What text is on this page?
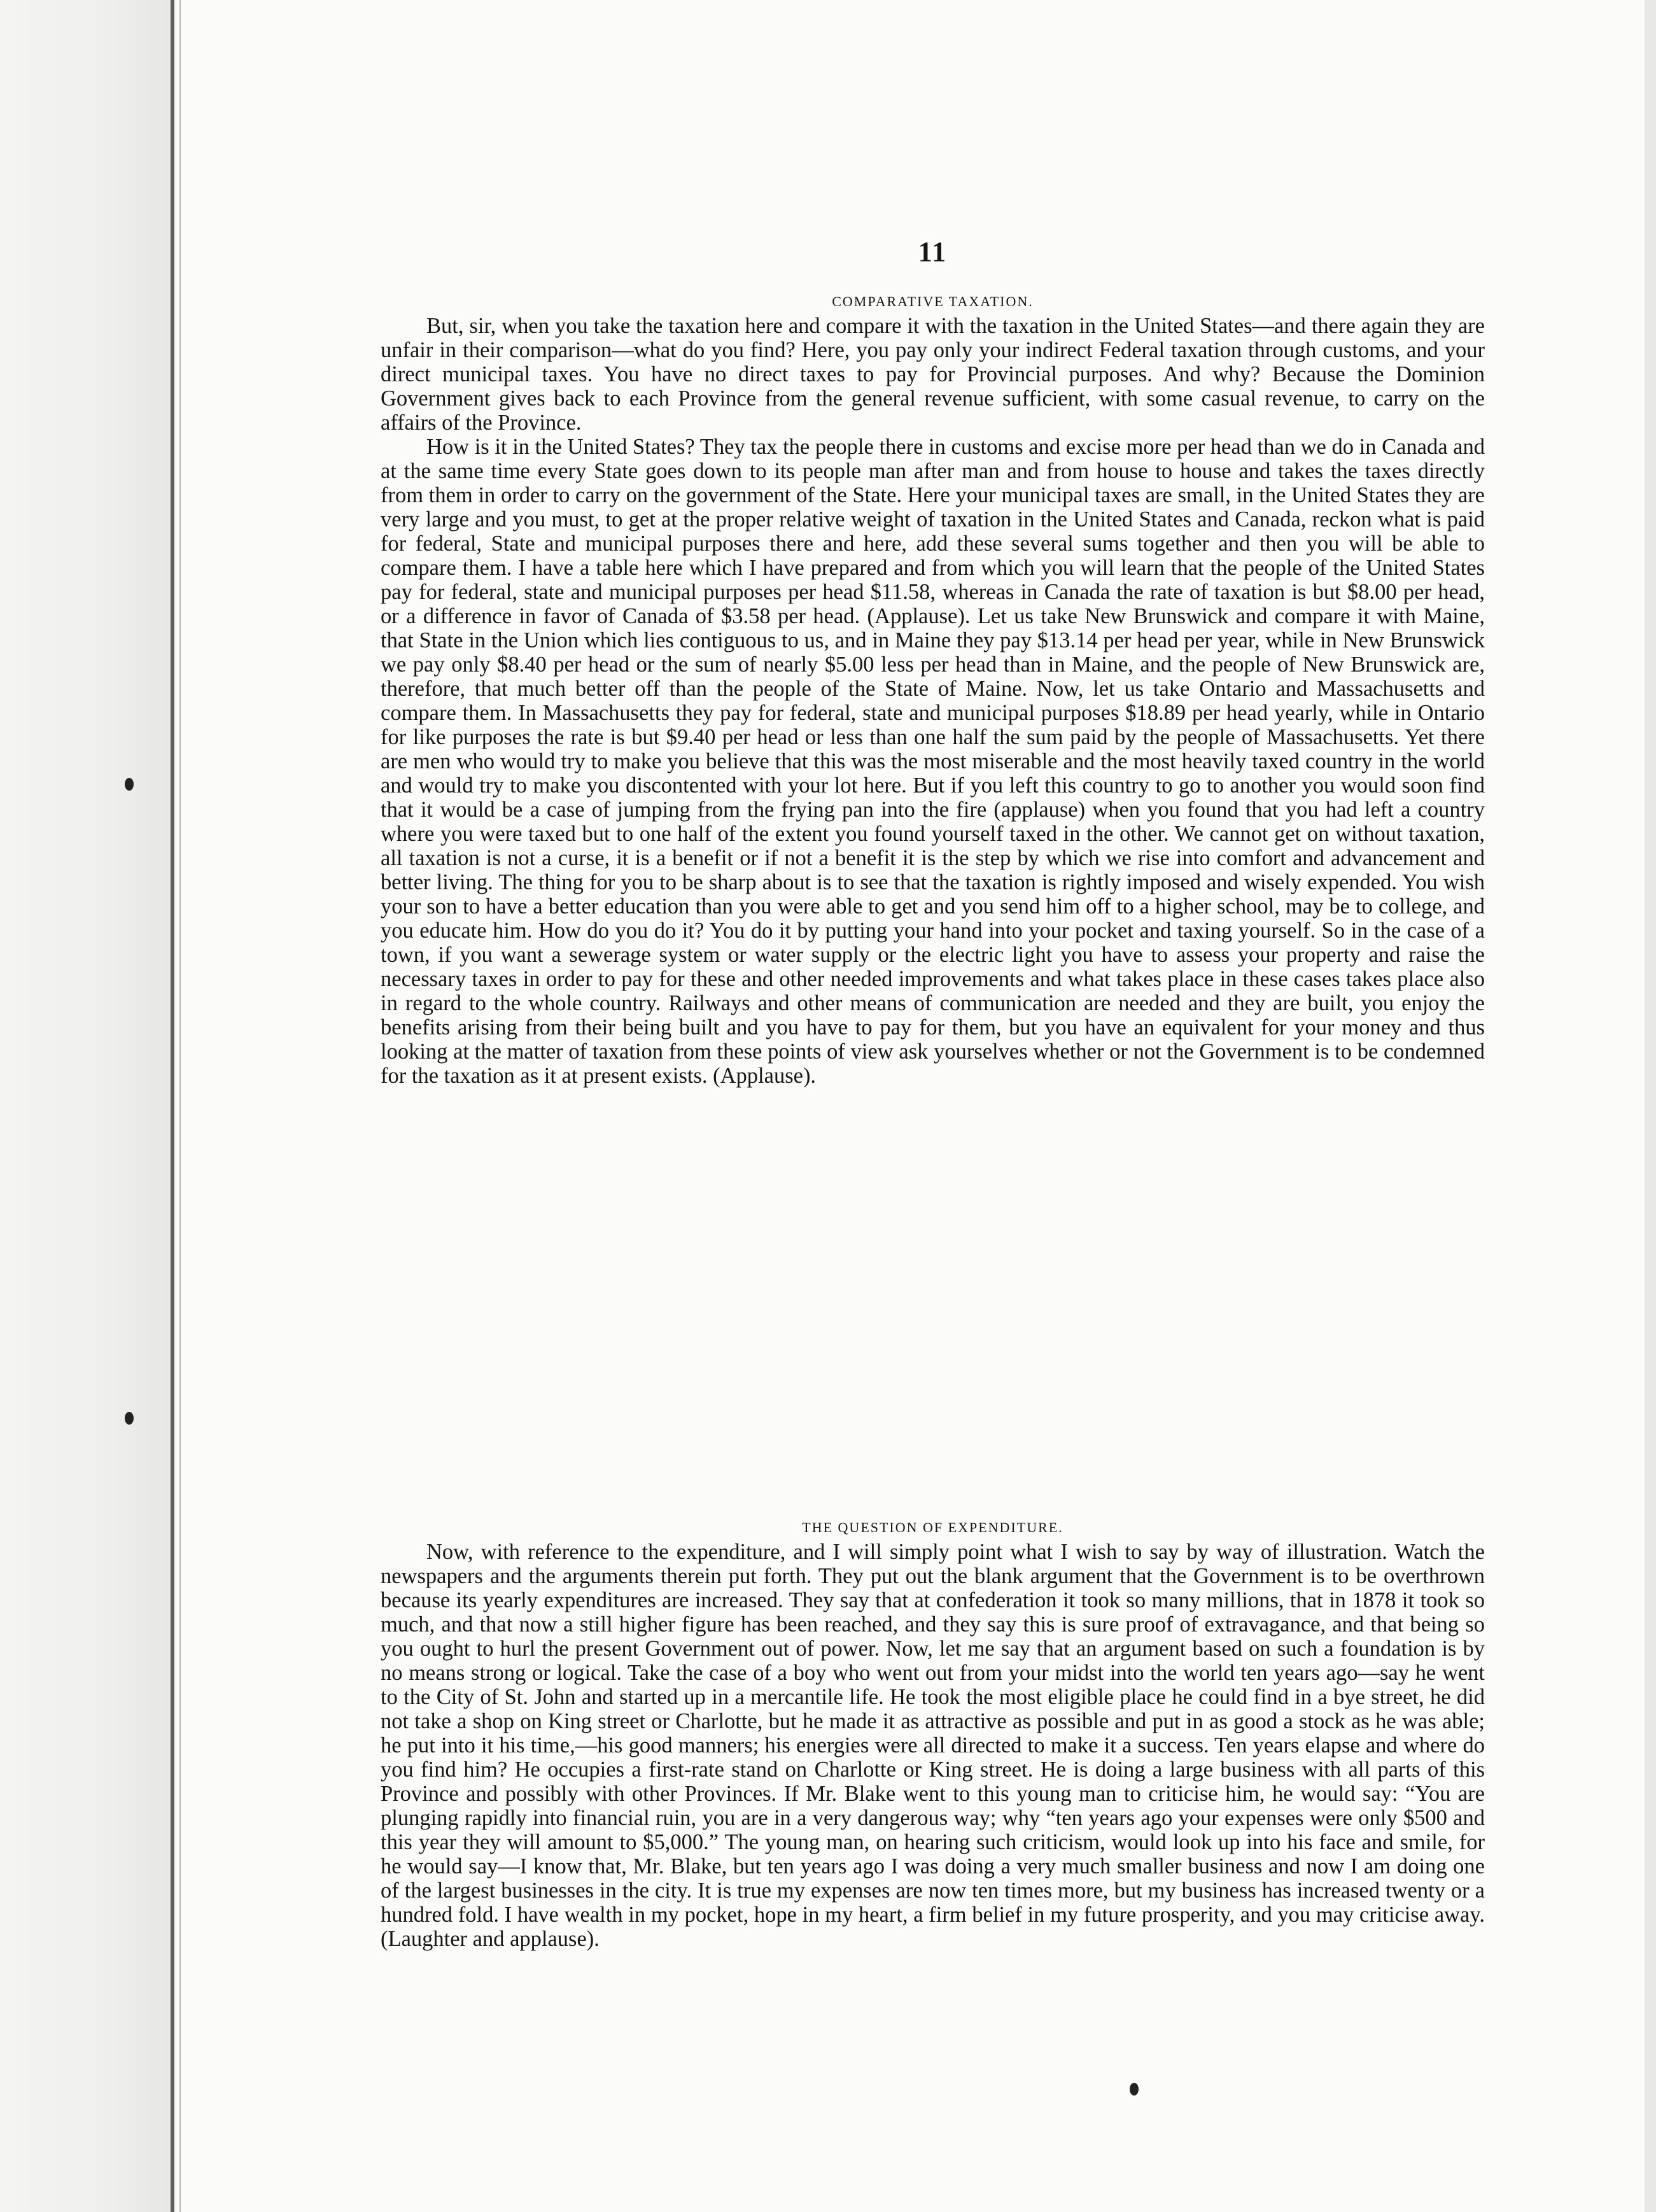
11
COMPARATIVE TAXATION.

But, sir, when you take the taxation here and compare it with the taxation in the United States—and there again they are unfair in their comparison—what do you find? Here, you pay only your indirect Federal taxation through customs, and your direct municipal taxes. You have no direct taxes to pay for Provincial purposes. And why? Because the Dominion Government gives back to each Province from the general revenue sufficient, with some casual revenue, to carry on the affairs of the Province.

How is it in the United States? They tax the people there in customs and excise more per head than we do in Canada and at the same time every State goes down to its people man after man and from house to house and takes the taxes directly from them in order to carry on the government of the State. Here your municipal taxes are small, in the United States they are very large and you must, to get at the proper relative weight of taxation in the United States and Canada, reckon what is paid for federal, State and municipal purposes there and here, add these several sums together and then you will be able to compare them. I have a table here which I have prepared and from which you will learn that the people of the United States pay for federal, state and municipal purposes per head $11.58, whereas in Canada the rate of taxation is but $8.00 per head, or a difference in favor of Canada of $3.58 per head. (Applause). Let us take New Brunswick and compare it with Maine, that State in the Union which lies contiguous to us, and in Maine they pay $13.14 per head per year, while in New Brunswick we pay only $8.40 per head or the sum of nearly $5.00 less per head than in Maine, and the people of New Brunswick are, therefore, that much better off than the people of the State of Maine. Now, let us take Ontario and Massachusetts and compare them. In Massachusetts they pay for federal, state and municipal purposes $18.89 per head yearly, while in Ontario for like purposes the rate is but $9.40 per head or less than one half the sum paid by the people of Massachusetts. Yet there are men who would try to make you believe that this was the most miserable and the most heavily taxed country in the world and would try to make you discontented with your lot here. But if you left this country to go to another you would soon find that it would be a case of jumping from the frying pan into the fire (applause) when you found that you had left a country where you were taxed but to one half of the extent you found yourself taxed in the other. We cannot get on without taxation, all taxation is not a curse, it is a benefit or if not a benefit it is the step by which we rise into comfort and advancement and better living. The thing for you to be sharp about is to see that the taxation is rightly imposed and wisely expended. You wish your son to have a better education than you were able to get and you send him off to a higher school, may be to college, and you educate him. How do you do it? You do it by putting your hand into your pocket and taxing yourself. So in the case of a town, if you want a sewerage system or water supply or the electric light you have to assess your property and raise the necessary taxes in order to pay for these and other needed improvements and what takes place in these cases takes place also in regard to the whole country. Railways and other means of communication are needed and they are built, you enjoy the benefits arising from their being built and you have to pay for them, but you have an equivalent for your money and thus looking at the matter of taxation from these points of view ask yourselves whether or not the Government is to be condemned for the taxation as it at present exists. (Applause).

THE QUESTION OF EXPENDITURE.

Now, with reference to the expenditure, and I will simply point what I wish to say by way of illustration. Watch the newspapers and the arguments therein put forth. They put out the blank argument that the Government is to be overthrown because its yearly expenditures are increased. They say that at confederation it took so many millions, that in 1878 it took so much, and that now a still higher figure has been reached, and they say this is sure proof of extravagance, and that being so you ought to hurl the present Government out of power. Now, let me say that an argument based on such a foundation is by no means strong or logical. Take the case of a boy who went out from your midst into the world ten years ago—say he went to the City of St. John and started up in a mercantile life. He took the most eligible place he could find in a bye street, he did not take a shop on King street or Charlotte, but he made it as attractive as possible and put in as good a stock as he was able; he put into it his time,—his good manners; his energies were all directed to make it a success. Ten years elapse and where do you find him? He occupies a first-rate stand on Charlotte or King street. He is doing a large business with all parts of this Province and possibly with other Provinces. If Mr. Blake went to this young man to criticise him, he would say: “You are plunging rapidly into financial ruin, you are in a very dangerous way; why “ten years ago your expenses were only $500 and this year they will amount to $5,000.” The young man, on hearing such criticism, would look up into his face and smile, for he would say—I know that, Mr. Blake, but ten years ago I was doing a very much smaller business and now I am doing one of the largest businesses in the city. It is true my expenses are now ten times more, but my business has increased twenty or a hundred fold. I have wealth in my pocket, hope in my heart, a firm belief in my future prosperity, and you may criticise away. (Laughter and applause).
